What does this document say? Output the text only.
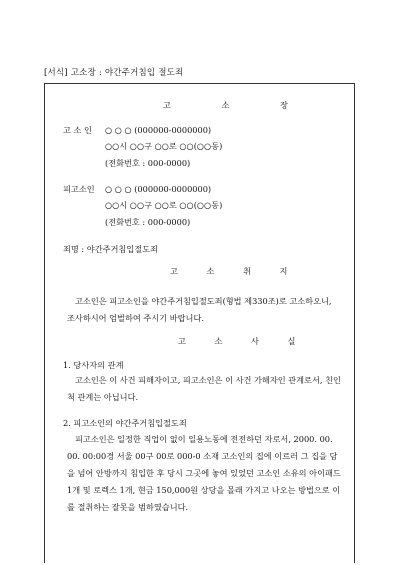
[서식] 고소장 : 야간주거침입 절도죄
고 소 장
고 소 인 ○ ○ ○ (000000-0000000)
○○시 ○○구 ○○로 ○○(○○동)
(전화번호 : 000-0000)
피고소인 ○ ○ ○ (000000-0000000)
○○시 ○○구 ○○로 ○○(○○동)
(전화번호 : 000-0000)
죄명 : 야간주거침입절도죄
고 소 취 지
고소인은 피고소인을 야간주거침입절도죄(형법 제330조)로 고소하오니, 조사하시어 엄벌하여 주시기 바랍니다.
고 소 사 실
1. 당사자의 관계
고소인은 이 사건 피해자이고, 피고소인은 이 사건 가해자인 관계로서, 친인척 관계는 아닙니다.
2. 피고소인의 야간주거침입절도죄
피고소인은 일정한 직업이 없이 일용노동에 전전하던 자로서, 2000. 00. 00. 00:00경 서울 00구 00로 000-0 소재 고소인의 집에 이르러 그 집을 담을 넘어 안방까지 침입한 후 당시 그곳에 놓여 있었던 고소인 소유의 아이패드 1개 및 로렉스 1개, 현금 150,000원 상당을 몰래 가지고 나오는 방법으로 이를 절취하는 잘못을 범하였습니다.
